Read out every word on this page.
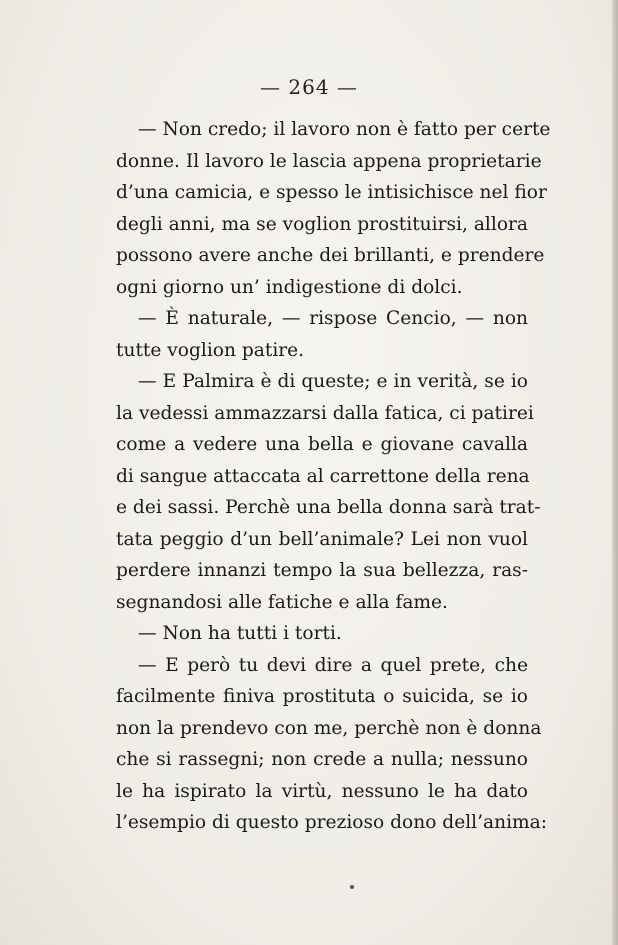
— 264 —
— Non credo; il lavoro non è fatto per certe
donne. Il lavoro le lascia appena proprietarie
d’una camicia, e spesso le intisichisce nel fior
degli anni, ma se voglion prostituirsi, allora
possono avere anche dei brillanti, e prendere
ogni giorno un’ indigestione di dolci.
— È naturale, — rispose Cencio, — non
tutte voglion patire.
— E Palmira è di queste; e in verità, se io
la vedessi ammazzarsi dalla fatica, ci patirei
come a vedere una bella e giovane cavalla
di sangue attaccata al carrettone della rena
e dei sassi. Perchè una bella donna sarà trat-
tata peggio d’un bell’animale? Lei non vuol
perdere innanzi tempo la sua bellezza, ras-
segnandosi alle fatiche e alla fame.
— Non ha tutti i torti.
— E però tu devi dire a quel prete, che
facilmente finiva prostituta o suicida, se io
non la prendevo con me, perchè non è donna
che si rassegni; non crede a nulla; nessuno
le ha ispirato la virtù, nessuno le ha dato
l’esempio di questo prezioso dono dell’anima:
